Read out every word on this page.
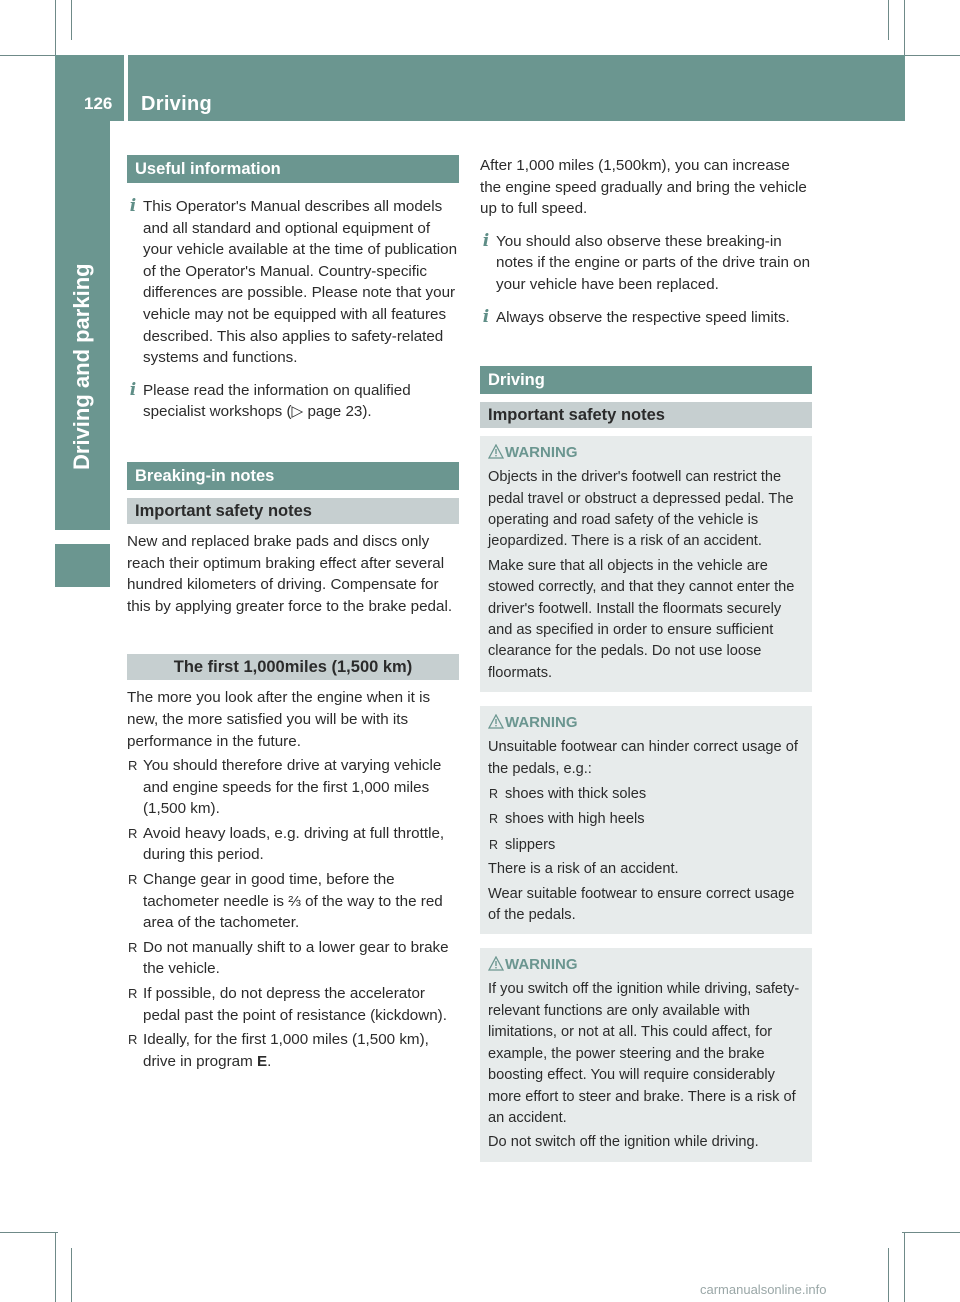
126 Driving
Driving and parking
Useful information
i This Operator's Manual describes all models and all standard and optional equipment of your vehicle available at the time of publication of the Operator's Manual. Country-specific differences are possible. Please note that your vehicle may not be equipped with all features described. This also applies to safety-related systems and functions.

i Please read the information on qualified specialist workshops (▷ page 23).

Breaking-in notes
Important safety notes

New and replaced brake pads and discs only reach their optimum braking effect after several hundred kilometers of driving. Compensate for this by applying greater force to the brake pedal.

The first 1,000miles (1,500 km)

The more you look after the engine when it is new, the more satisfied you will be with its performance in the future.

R You should therefore drive at varying vehicle and engine speeds for the first 1,000 miles (1,500 km).
R Avoid heavy loads, e.g. driving at full throttle, during this period.
R Change gear in good time, before the tachometer needle is ⅔ of the way to the red area of the tachometer.
R Do not manually shift to a lower gear to brake the vehicle.
R If possible, do not depress the accelerator pedal past the point of resistance (kickdown).
R Ideally, for the first 1,000 miles (1,500 km), drive in program E.

After 1,000 miles (1,500km), you can increase the engine speed gradually and bring the vehicle up to full speed.

i You should also observe these breaking-in notes if the engine or parts of the drive train on your vehicle have been replaced.

i Always observe the respective speed limits.

Driving
Important safety notes
WARNING

Objects in the driver's footwell can restrict the pedal travel or obstruct a depressed pedal. The operating and road safety of the vehicle is jeopardized. There is a risk of an accident.

Make sure that all objects in the vehicle are stowed correctly, and that they cannot enter the driver's footwell. Install the floormats securely and as specified in order to ensure sufficient clearance for the pedals. Do not use loose floormats.

WARNING

Unsuitable footwear can hinder correct usage of the pedals, e.g.:

R shoes with thick soles
R shoes with high heels
R slippers

There is a risk of an accident.

Wear suitable footwear to ensure correct usage of the pedals.

WARNING

If you switch off the ignition while driving, safety-relevant functions are only available with limitations, or not at all. This could affect, for example, the power steering and the brake boosting effect. You will require considerably more effort to steer and brake. There is a risk of an accident.

Do not switch off the ignition while driving.

carmanualsonline.info
